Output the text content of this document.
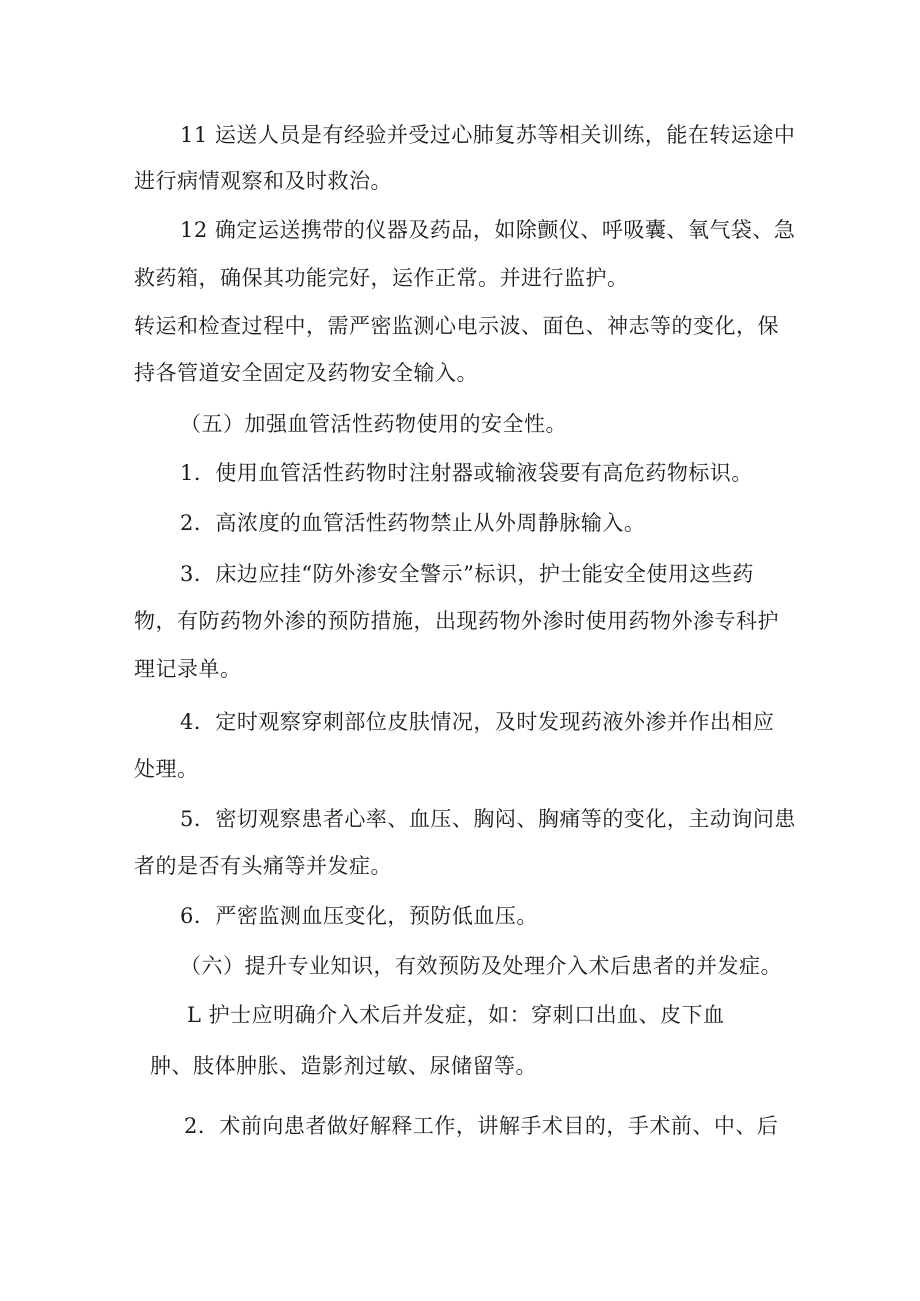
11 运送人员是有经验并受过心肺复苏等相关训练，能在转运途中
进行病情观察和及时救治。
12 确定运送携带的仪器及药品，如除颤仪、呼吸囊、氧气袋、急
救药箱，确保其功能完好，运作正常。并进行监护。
转运和检查过程中，需严密监测心电示波、面色、神志等的变化，保
持各管道安全固定及药物安全输入。
（五）加强血管活性药物使用的安全性。
1．使用血管活性药物时注射器或输液袋要有高危药物标识。
2．高浓度的血管活性药物禁止从外周静脉输入。
3．床边应挂“防外渗安全警示”标识，护士能安全使用这些药
物，有防药物外渗的预防措施，出现药物外渗时使用药物外渗专科护
理记录单。
4．定时观察穿刺部位皮肤情况，及时发现药液外渗并作出相应
处理。
5．密切观察患者心率、血压、胸闷、胸痛等的变化，主动询问患
者的是否有头痛等并发症。
6．严密监测血压变化，预防低血压。
（六）提升专业知识，有效预防及处理介入术后患者的并发症。
L 护士应明确介入术后并发症，如：穿刺口出血、皮下血
肿、肢体肿胀、造影剂过敏、尿储留等。
2．术前向患者做好解释工作，讲解手术目的，手术前、中、后
